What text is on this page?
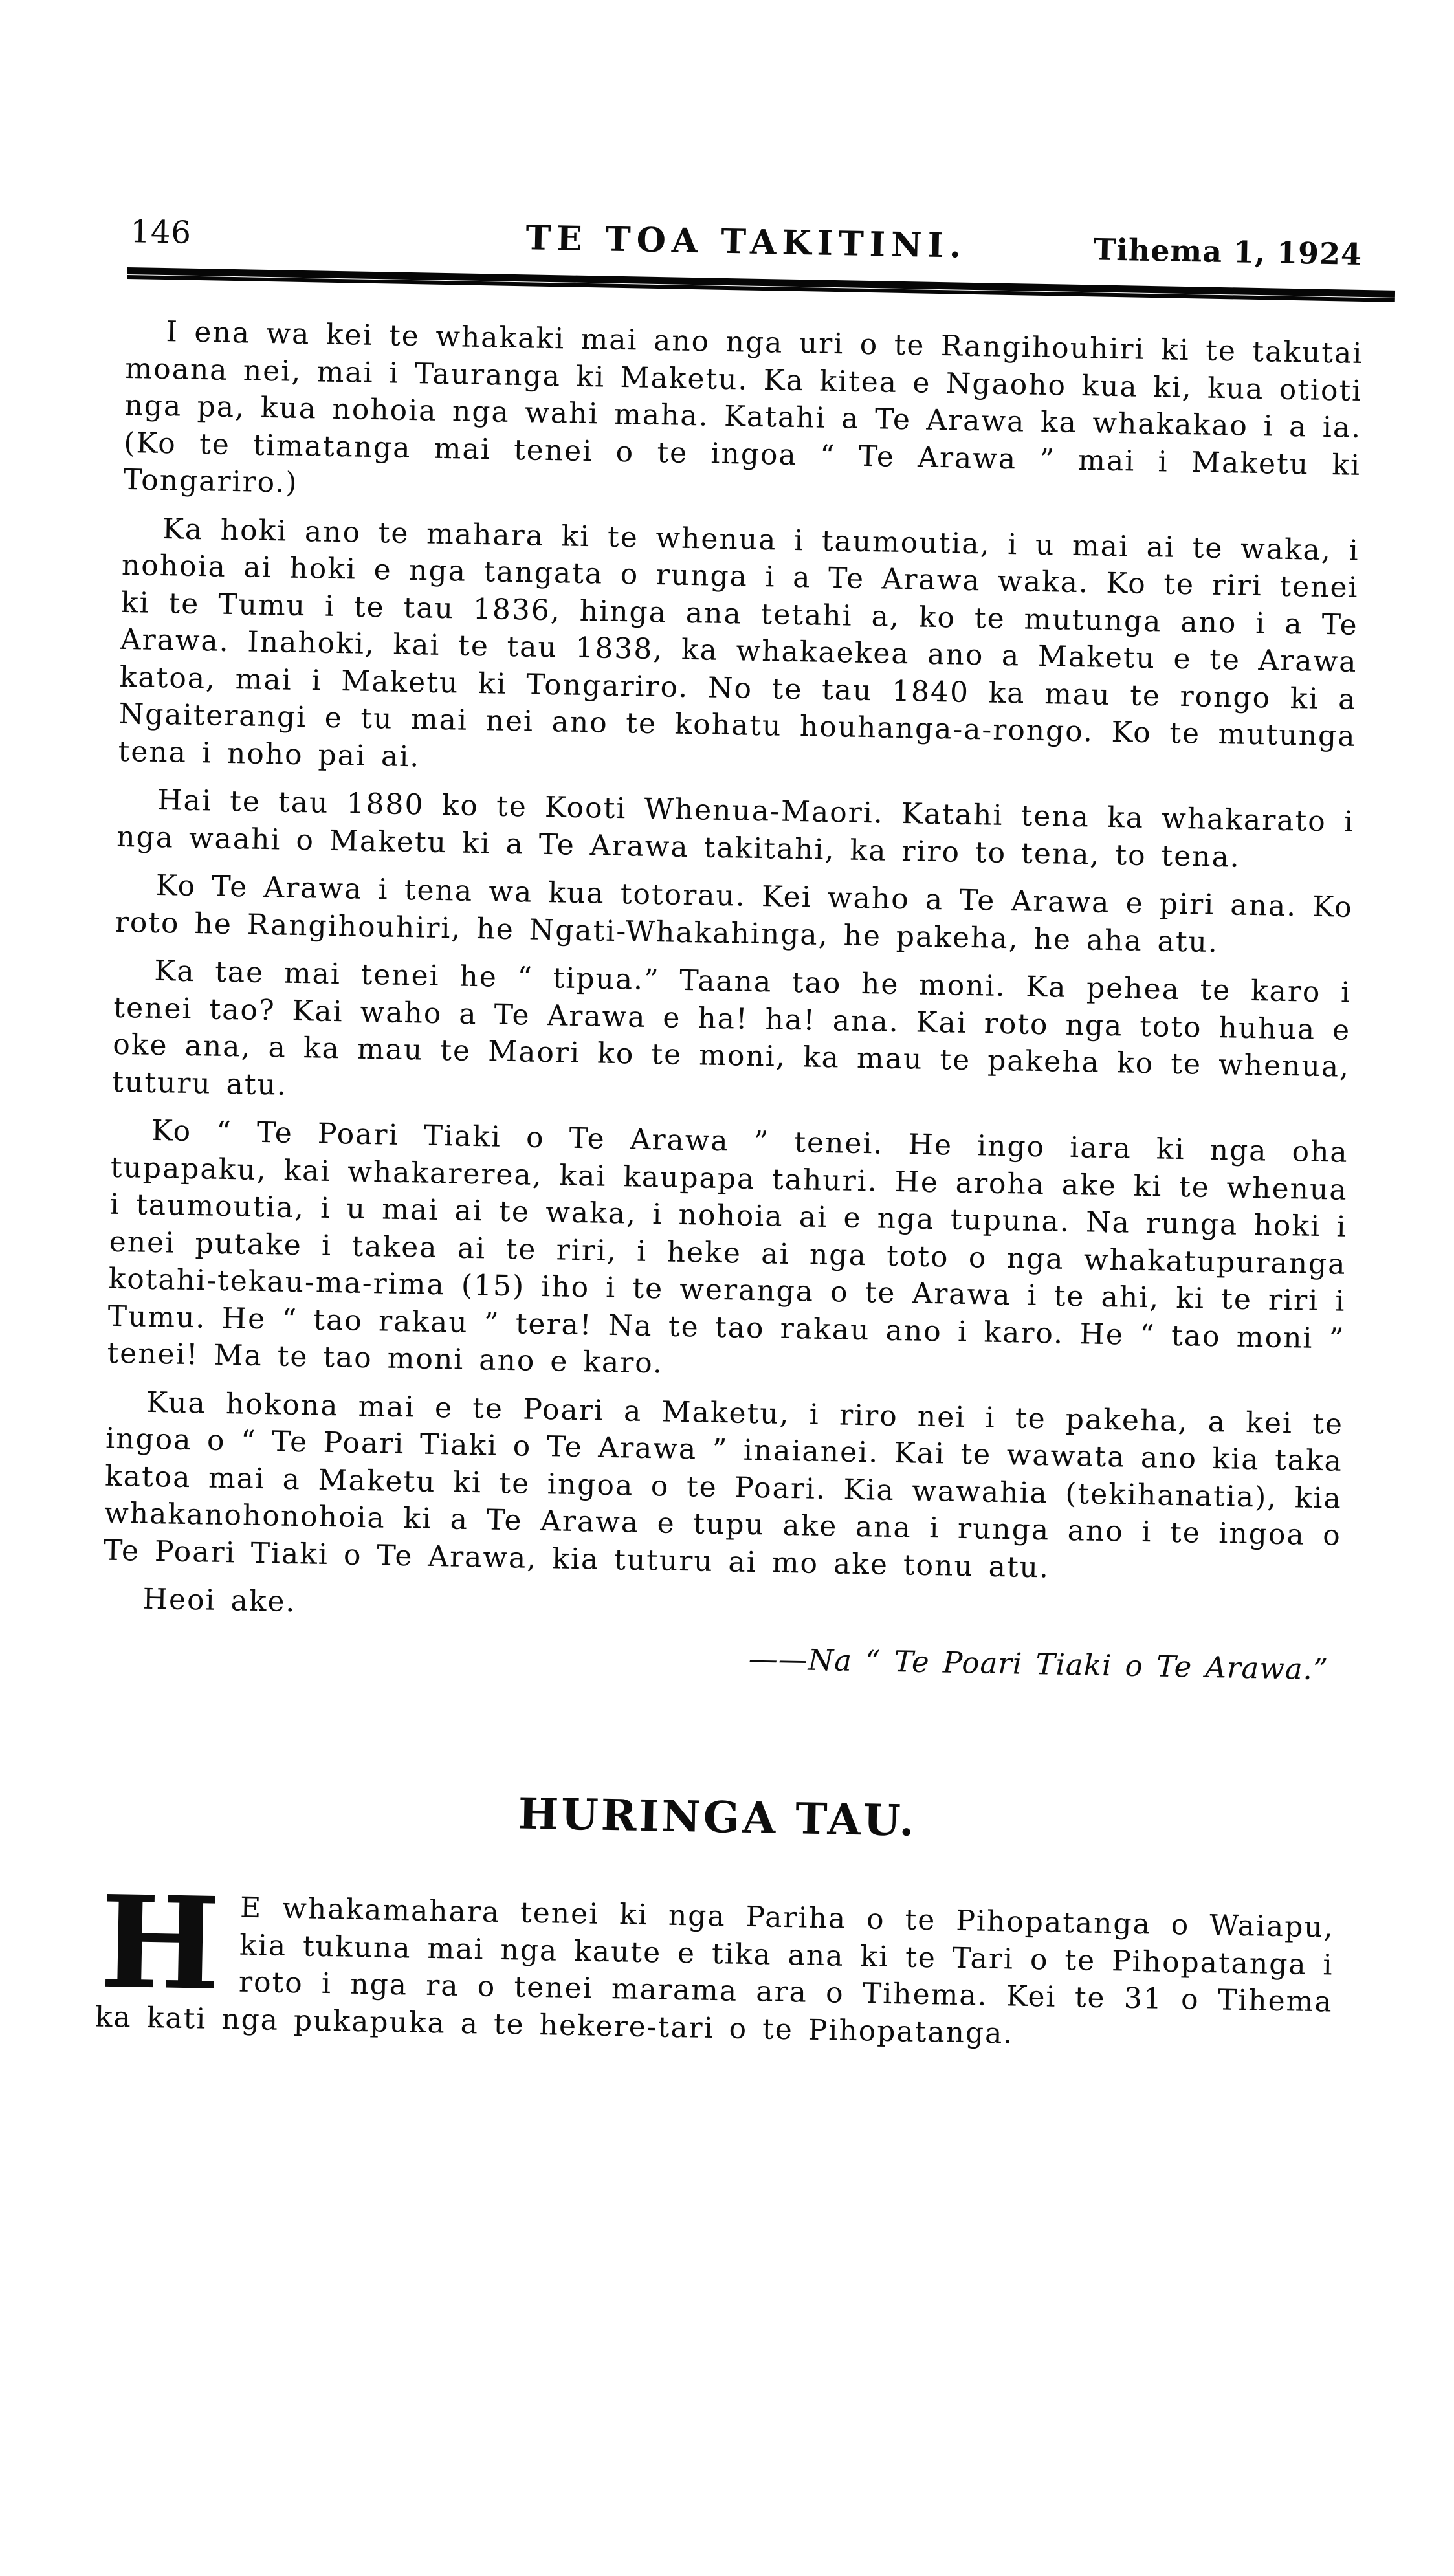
146	TE TOA TAKITINI.	Tihema 1, 1924

I ena wa kei te whakaki mai ano nga uri o te Rangihouhiri ki te takutai moana nei, mai i Tauranga ki Maketu. Ka kitea e Ngaoho kua ki, kua otioti nga pa, kua nohoia nga wahi maha. Katahi a Te Arawa ka whakakao i a ia. (Ko te timatanga mai tenei o te ingoa “ Te Arawa ” mai i Maketu ki Tongariro.)

Ka hoki ano te mahara ki te whenua i taumoutia, i u mai ai te waka, i nohoia ai hoki e nga tangata o runga i a Te Arawa waka. Ko te riri tenei ki te Tumu i te tau 1836, hinga ana tetahi a, ko te mutunga ano i a Te Arawa. Inahoki, kai te tau 1838, ka whakaekea ano a Maketu e te Arawa katoa, mai i Maketu ki Tongariro. No te tau 1840 ka mau te rongo ki a Ngaiterangi e tu mai nei ano te kohatu houhanga-a-rongo. Ko te mutunga tena i noho pai ai.

Hai te tau 1880 ko te Kooti Whenua-Maori. Katahi tena ka whakarato i nga waahi o Maketu ki a Te Arawa takitahi, ka riro to tena, to tena.

Ko Te Arawa i tena wa kua totorau. Kei waho a Te Arawa e piri ana. Ko roto he Rangihouhiri, he Ngati-Whakahinga, he pakeha, he aha atu.

Ka tae mai tenei he “ tipua.” Taana tao he moni. Ka pehea te karo i tenei tao? Kai waho a Te Arawa e ha! ha! ana. Kai roto nga toto huhua e oke ana, a ka mau te Maori ko te moni, ka mau te pakeha ko te whenua, tuturu atu.

Ko “ Te Poari Tiaki o Te Arawa ” tenei. He ingo iara ki nga oha tupapaku, kai whakarerea, kai kaupapa tahuri. He aroha ake ki te whenua i taumoutia, i u mai ai te waka, i nohoia ai e nga tupuna. Na runga hoki i enei putake i takea ai te riri, i heke ai nga toto o nga whakatupuranga kotahi-tekau-ma-rima (15) iho i te weranga o te Arawa i te ahi, ki te riri i Tumu. He “ tao rakau ” tera! Na te tao rakau ano i karo. He “ tao moni ” tenei! Ma te tao moni ano e karo.

Kua hokona mai e te Poari a Maketu, i riro nei i te pakeha, a kei te ingoa o “ Te Poari Tiaki o Te Arawa ” inaianei. Kai te wawata ano kia taka katoa mai a Maketu ki te ingoa o te Poari. Kia wawahia (tekihanatia), kia whakanohonohoia ki a Te Arawa e tupu ake ana i runga ano i te ingoa o Te Poari Tiaki o Te Arawa, kia tuturu ai mo ake tonu atu.

Heoi ake.

——Na “ Te Poari Tiaki o Te Arawa.”
HURINGA TAU.
H E whakamahara tenei ki nga Pariha o te Pihopatanga o Waiapu, kia tukuna mai nga kaute e tika ana ki te Tari o te Pihopatanga i roto i nga ra o tenei marama ara o Tihema. Kei te 31 o Tihema ka kati nga pukapuka a te hekere-tari o te Pihopatanga.
